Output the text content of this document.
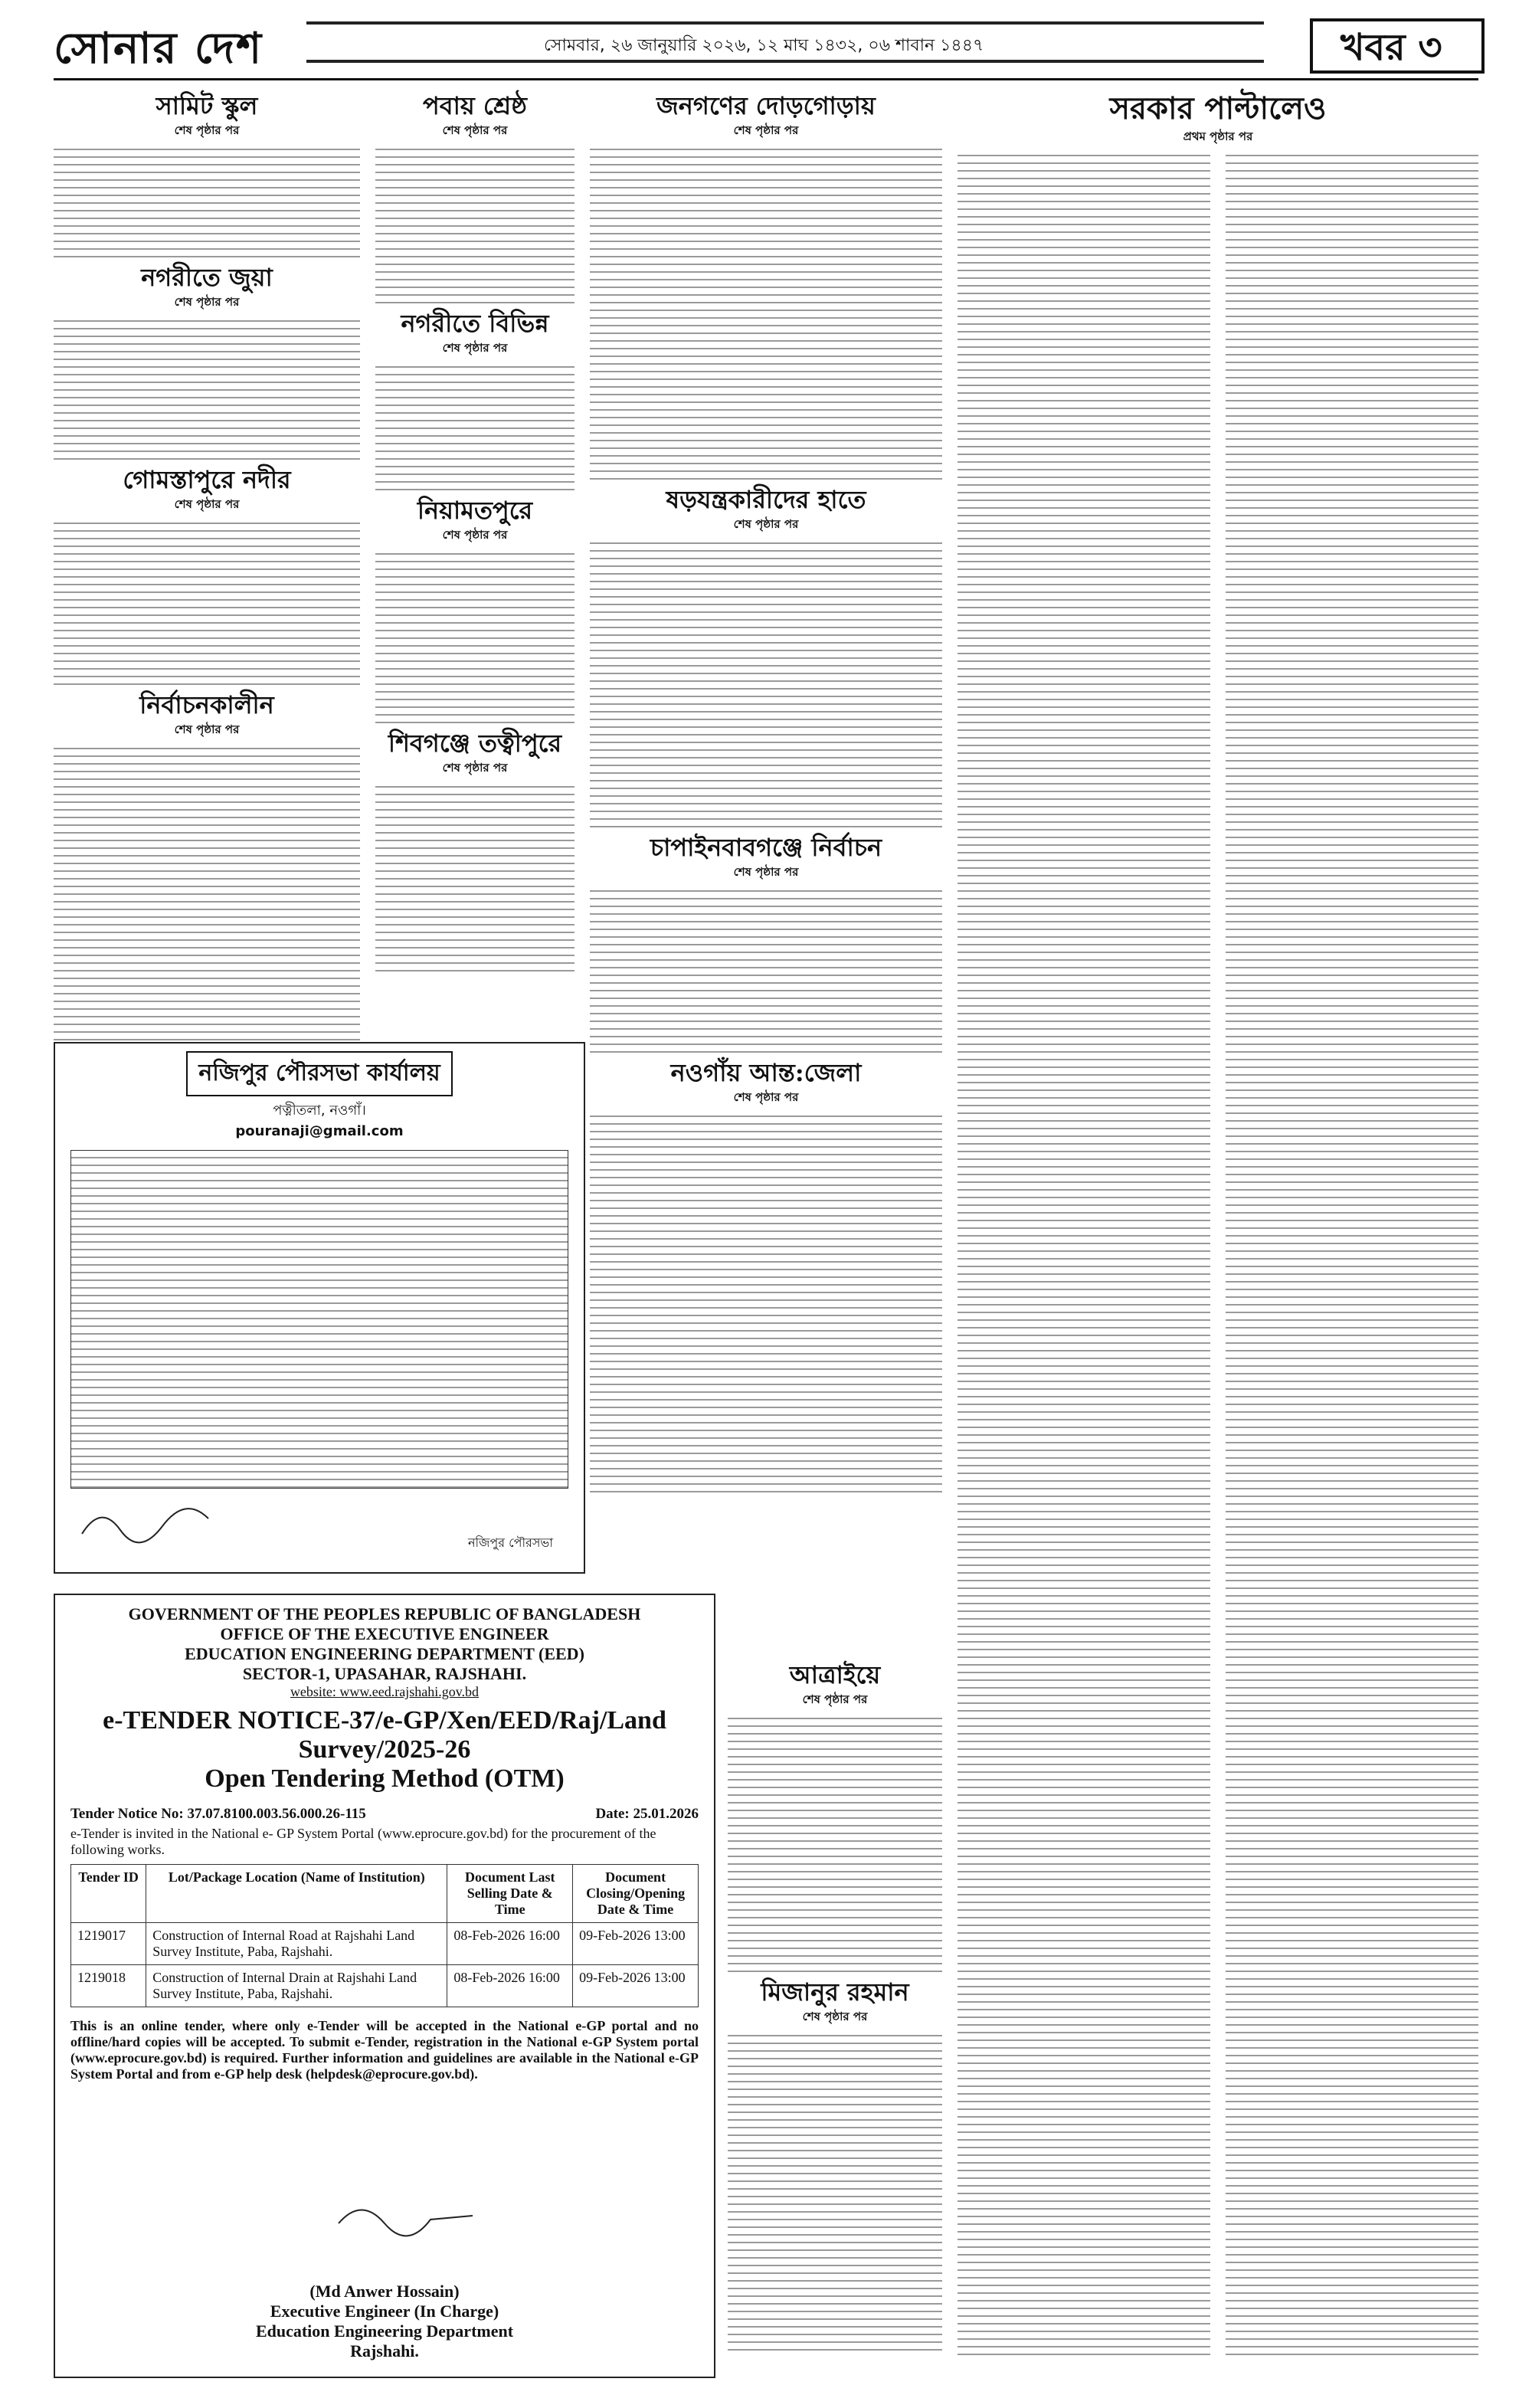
সোনার দেশ	সোমবার, ২৬ জানুয়ারি ২০২৬, ১২ মাঘ ১৪৩২, ০৬ শাবান ১৪৪৭	খবর ৩
সামিট স্কুল
শেষ পৃষ্ঠার পর
নগরীতে জুয়া
শেষ পৃষ্ঠার পর
গোমস্তাপুরে নদীর
শেষ পৃষ্ঠার পর
নির্বাচনকালীন
শেষ পৃষ্ঠার পর
পবায় শ্রেষ্ঠ
শেষ পৃষ্ঠার পর
নগরীতে বিভিন্ন
শেষ পৃষ্ঠার পর
নিয়ামতপুরে
শেষ পৃষ্ঠার পর
শিবগঞ্জে তত্বীপুরে
শেষ পৃষ্ঠার পর
জনগণের দোড়গোড়ায়
শেষ পৃষ্ঠার পর
ষড়যন্ত্রকারীদের হাতে
শেষ পৃষ্ঠার পর
চাপাইনবাবগঞ্জে নির্বাচন
শেষ পৃষ্ঠার পর
নওগাঁয় আন্ত:জেলা
শেষ পৃষ্ঠার পর
আত্রাইয়ে
শেষ পৃষ্ঠার পর
মিজানুর রহমান
শেষ পৃষ্ঠার পর
সরকার পাল্টালেও
প্রথম পৃষ্ঠার পর
নজিপুর পৌরসভা কার্যালয়
পত্নীতলা, নওগাঁ।
pouranaji@gmail.com
নজিপুর পৌরসভা
GOVERNMENT OF THE PEOPLES REPUBLIC OF BANGLADESH
OFFICE OF THE EXECUTIVE ENGINEER
EDUCATION ENGINEERING DEPARTMENT (EED)
SECTOR-1, UPASAHAR, RAJSHAHI.
website: www.eed.rajshahi.gov.bd
e-TENDER NOTICE-37/e-GP/Xen/EED/Raj/Land Survey/2025-26
Open Tendering Method (OTM)
Tender Notice No: 37.07.8100.003.56.000.26-115	Date: 25.01.2026
e-Tender is invited in the National e- GP System Portal (www.eprocure.gov.bd) for the procurement of the following works.
Tender ID	Lot/Package Location (Name of Institution)	Document Last Selling Date & Time	Document Closing/Opening Date & Time
1219017	Construction of Internal Road at Rajshahi Land Survey Institute, Paba, Rajshahi.	08-Feb-2026 16:00	09-Feb-2026 13:00
1219018	Construction of Internal Drain at Rajshahi Land Survey Institute, Paba, Rajshahi.	08-Feb-2026 16:00	09-Feb-2026 13:00
This is an online tender, where only e-Tender will be accepted in the National e-GP portal and no offline/hard copies will be accepted. To submit e-Tender, registration in the National e-GP System portal (www.eprocure.gov.bd) is required. Further information and guidelines are available in the National e-GP System Portal and from e-GP help desk (helpdesk@eprocure.gov.bd).
(Md Anwer Hossain)
Executive Engineer (In Charge)
Education Engineering Department
Rajshahi.
